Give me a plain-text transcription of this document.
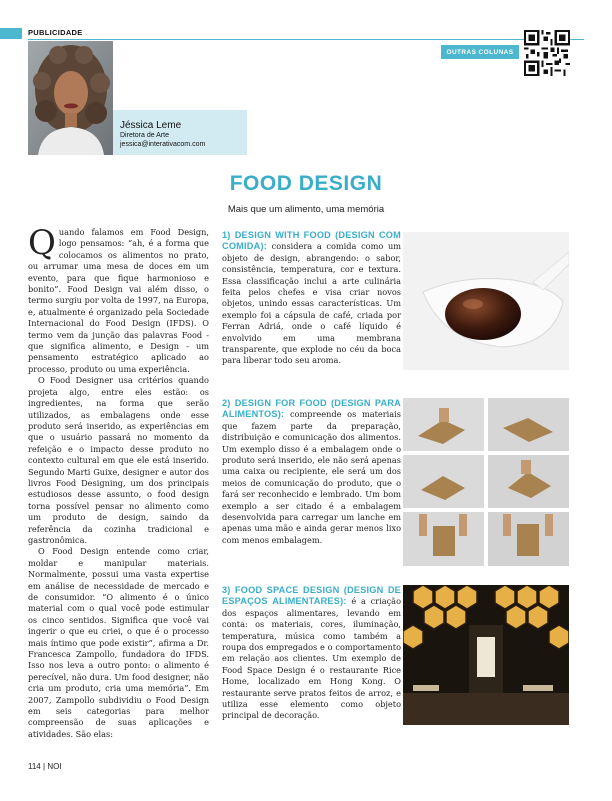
PUBLICIDADE
OUTRAS COLUNAS
Jéssica Leme
Diretora de Arte
jessica@interativacom.com
FOOD DESIGN
Mais que um alimento, uma memória

Quando falamos em Food Design, logo pensamos: “ah, é a forma que colocamos os alimentos no prato, ou arrumar uma mesa de doces em um evento, para que fique harmonioso e bonito”. Food Design vai além disso, o termo surgiu por volta de 1997, na Europa, e, atualmente é organizado pela Sociedade Internacional do Food Design (IFDS). O termo vem da junção das palavras Food - que significa alimento, e Design - um pensamento estratégico aplicado ao processo, produto ou uma experiência.

O Food Designer usa critérios quando projeta algo, entre eles estão: os ingredientes, na forma que serão utilizados, as embalagens onde esse produto será inserido, as experiências em que o usuário passará no momento da refeição e o impacto desse produto no contexto cultural em que ele está inserido. Segundo Marti Guixe, designer e autor dos livros Food Designing, um dos principais estudiosos desse assunto, o food design torna possível pensar no alimento como um produto de design, saindo da referência da cozinha tradicional e gastronômica.

O Food Design entende como criar, moldar e manipular materiais. Normalmente, possui uma vasta expertise em análise de necessidade de mercado e de consumidor. “O alimento é o único material com o qual você pode estimular os cinco sentidos. Significa que você vai ingerir o que eu criei, o que é o processo mais íntimo que pode existir”, afirma a Dr. Francesca Zampollo, fundadora do IFDS. Isso nos leva a outro ponto: o alimento é perecível, não dura. Um food designer, não cria um produto, cria uma memória”. Em 2007, Zampollo subdividiu o Food Design em seis categorias para melhor compreensão de suas aplicações e atividades. São elas:

1) DESIGN WITH FOOD (DESIGN COM COMIDA): considera a comida como um objeto de design, abrangendo: o sabor, consistência, temperatura, cor e textura. Essa classificação inclui a arte culinária feita pelos chefes e visa criar novos objetos, unindo essas características. Um exemplo foi a cápsula de café, criada por Ferran Adriá, onde o café líquido é envolvido em uma membrana transparente, que explode no céu da boca para liberar todo seu aroma.
2) DESIGN FOR FOOD (DESIGN PARA ALIMENTOS): compreende os materiais que fazem parte da preparação, distribuição e comunicação dos alimentos. Um exemplo disso é a embalagem onde o produto será inserido, ele não será apenas uma caixa ou recipiente, ele será um dos meios de comunicação do produto, que o fará ser reconhecido e lembrado. Um bom exemplo a ser citado é a embalagem desenvolvida para carregar um lanche em apenas uma mão e ainda gerar menos lixo com menos embalagem.
3) FOOD SPACE DESIGN (DESIGN DE ESPAÇOS ALIMENTARES): é a criação dos espaços alimentares, levando em conta: os materiais, cores, iluminação, temperatura, música como também a roupa dos empregados e o comportamento em relação aos clientes. Um exemplo de Food Space Design é o restaurante Rice Home, localizado em Hong Kong. O restaurante serve pratos feitos de arroz, e utiliza esse elemento como objeto principal de decoração.
114 | NOI
